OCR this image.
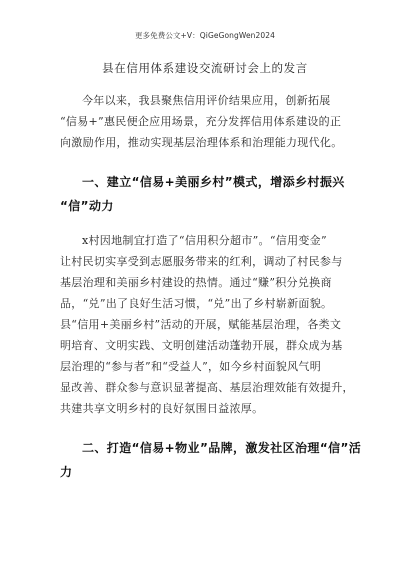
更多免费公文+V：QiGeGongWen2024
县在信用体系建设交流研讨会上的发言
今年以来，我县聚焦信用评价结果应用，创新拓展
“信易+”惠民便企应用场景，充分发挥信用体系建设的正
向激励作用，推动实现基层治理体系和治理能力现代化。
一、建立“信易+美丽乡村”模式，增添乡村振兴
“信”动力
x村因地制宜打造了“信用积分超市”。“信用变金”
让村民切实享受到志愿服务带来的红利，调动了村民参与
基层治理和美丽乡村建设的热情。通过“赚”积分兑换商
品，“兑”出了良好生活习惯，“兑”出了乡村崭新面貌。
县“信用+美丽乡村”活动的开展，赋能基层治理，各类文
明培育、文明实践、文明创建活动蓬勃开展，群众成为基
层治理的“参与者”和“受益人”，如今乡村面貌风气明
显改善、群众参与意识显著提高、基层治理效能有效提升，
共建共享文明乡村的良好氛围日益浓厚。
二、打造“信易+物业”品牌，激发社区治理“信”活
力
